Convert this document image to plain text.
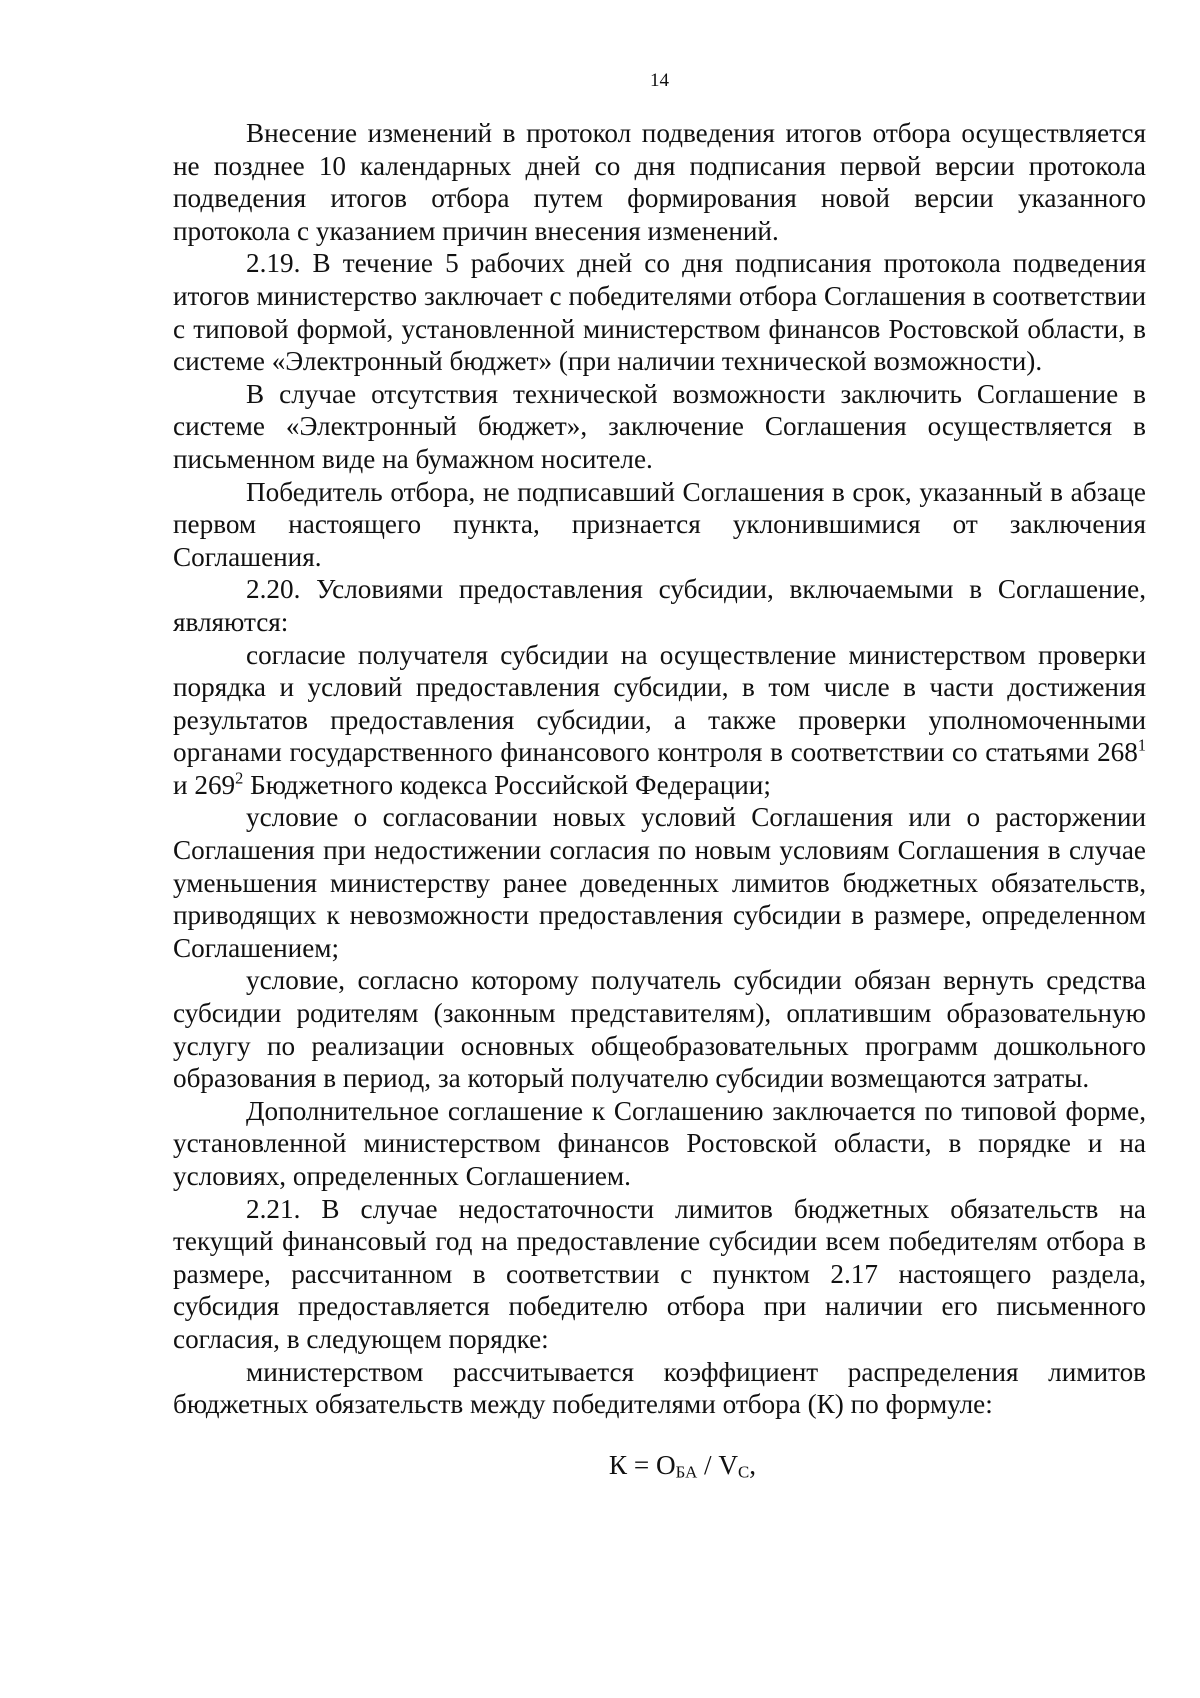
14

Внесение изменений в протокол подведения итогов отбора осуществляется не позднее 10 календарных дней со дня подписания первой версии протокола подведения итогов отбора путем формирования новой версии указанного протокола с указанием причин внесения изменений.

2.19. В течение 5 рабочих дней со дня подписания протокола подведения итогов министерство заключает с победителями отбора Соглашения в соответствии с типовой формой, установленной министерством финансов Ростовской области, в системе «Электронный бюджет» (при наличии технической возможности).

В случае отсутствия технической возможности заключить Соглашение в системе «Электронный бюджет», заключение Соглашения осуществляется в письменном виде на бумажном носителе.

Победитель отбора, не подписавший Соглашения в срок, указанный в абзаце первом настоящего пункта, признается уклонившимися от заключения Соглашения.

2.20. Условиями предоставления субсидии, включаемыми в Соглашение, являются:

согласие получателя субсидии на осуществление министерством проверки порядка и условий предоставления субсидии, в том числе в части достижения результатов предоставления субсидии, а также проверки уполномоченными органами государственного финансового контроля в соответствии со статьями $268^1$ и $269^2$ Бюджетного кодекса Российской Федерации;

условие о согласовании новых условий Соглашения или о расторжении Соглашения при недостижении согласия по новым условиям Соглашения в случае уменьшения министерству ранее доведенных лимитов бюджетных обязательств, приводящих к невозможности предоставления субсидии в размере, определенном Соглашением;

условие, согласно которому получатель субсидии обязан вернуть средства субсидии родителям (законным представителям), оплатившим образовательную услугу по реализации основных общеобразовательных программ дошкольного образования в период, за который получателю субсидии возмещаются затраты.

Дополнительное соглашение к Соглашению заключается по типовой форме, установленной министерством финансов Ростовской области, в порядке и на условиях, определенных Соглашением.

2.21. В случае недостаточности лимитов бюджетных обязательств на текущий финансовый год на предоставление субсидии всем победителям отбора в размере, рассчитанном в соответствии с пунктом 2.17 настоящего раздела, субсидия предоставляется победителю отбора при наличии его письменного согласия, в следующем порядке:

министерством рассчитывается коэффициент распределения лимитов бюджетных обязательств между победителями отбора (К) по формуле:

К = ОБА / VС,
